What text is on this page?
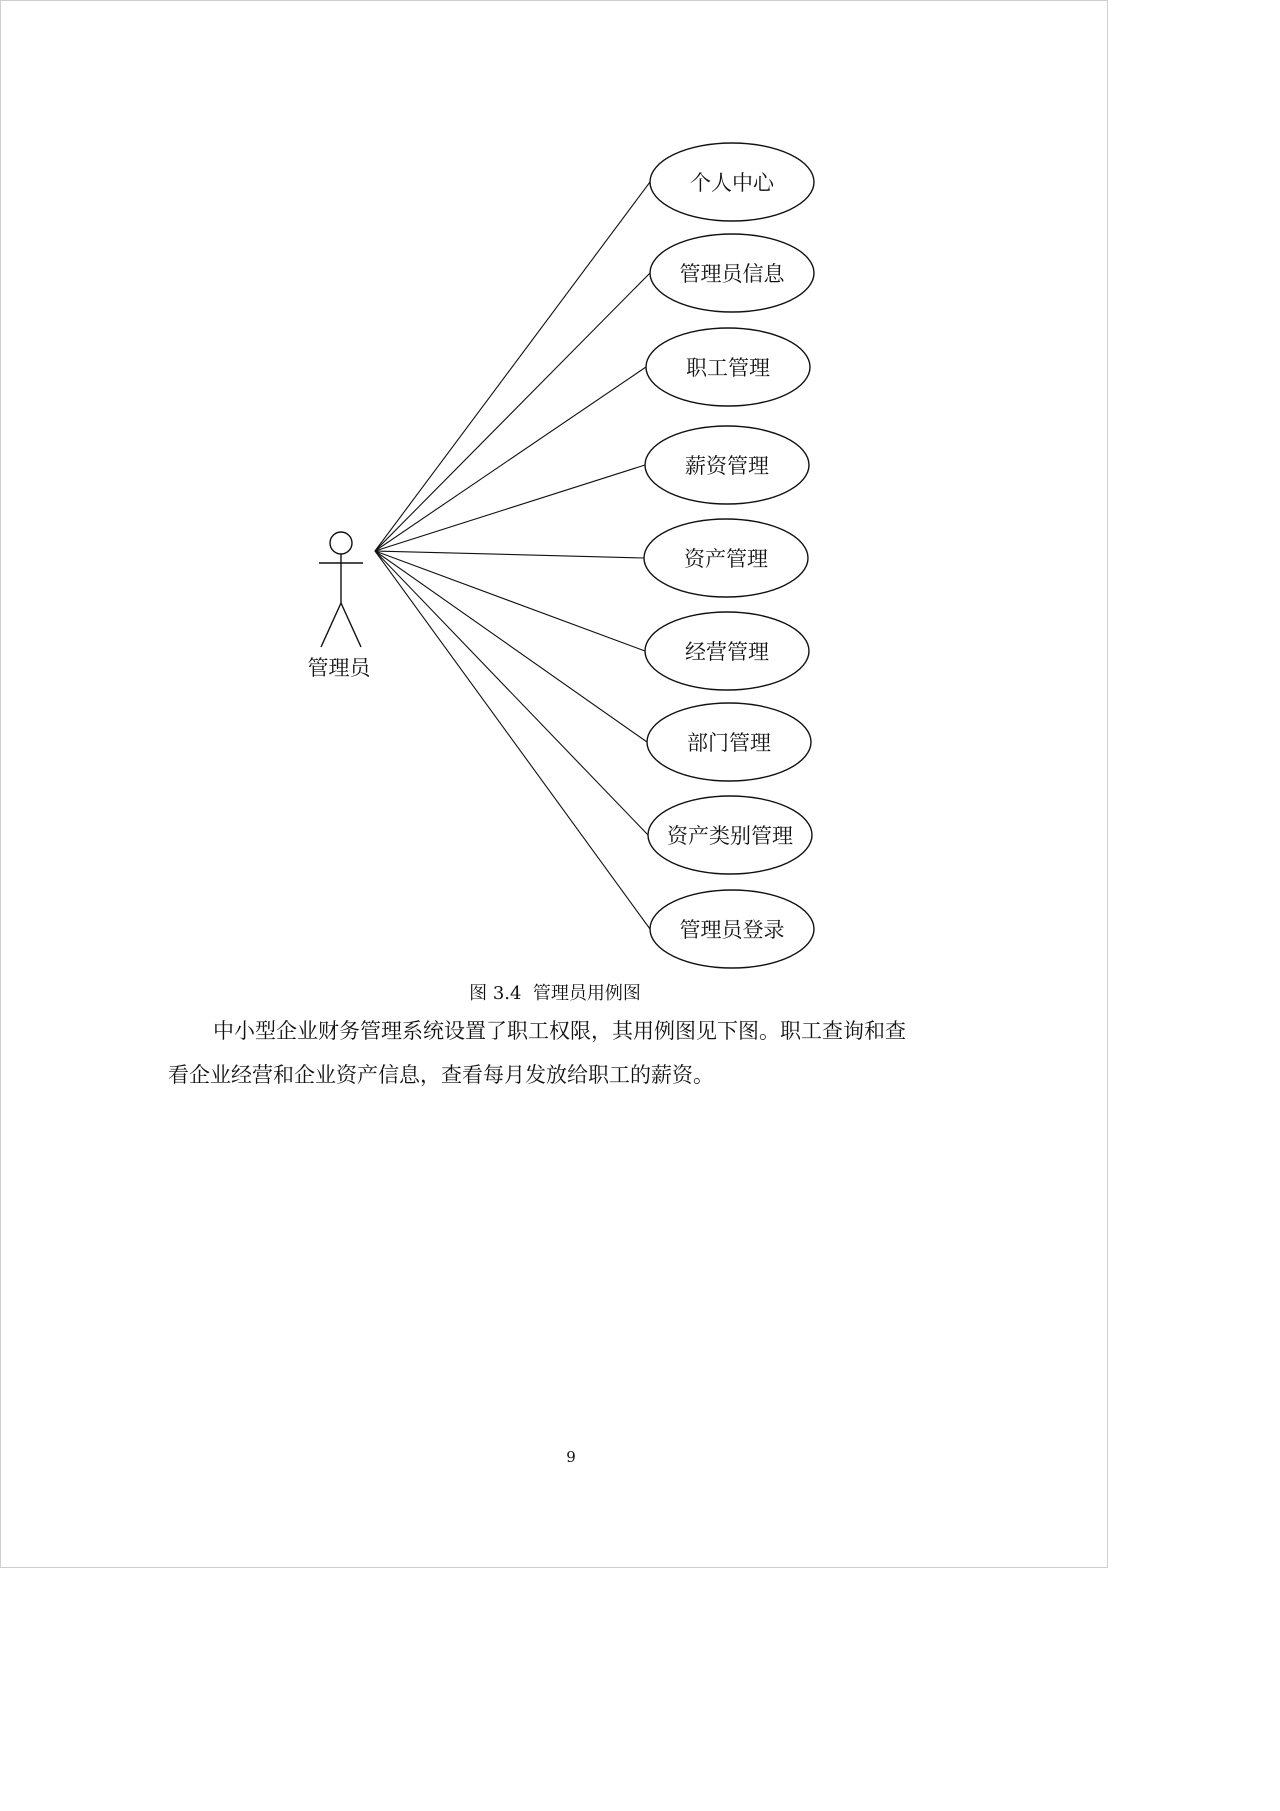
管理员
个人中心
管理员信息
职工管理
薪资管理
资产管理
经营管理
部门管理
资产类别管理
管理员登录
图 3.4  管理员用例图
中小型企业财务管理系统设置了职工权限，其用例图见下图。职工查询和查
看企业经营和企业资产信息，查看每月发放给职工的薪资。
9
